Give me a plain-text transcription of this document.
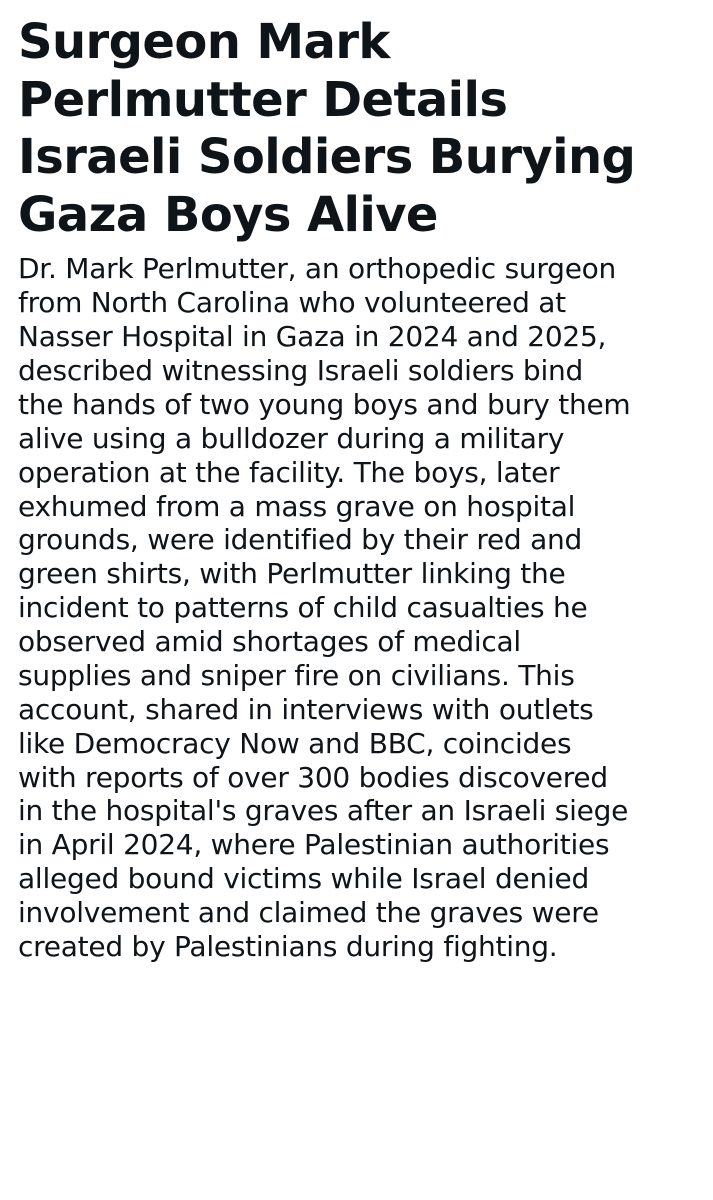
Surgeon Mark
Perlmutter Details
Israeli Soldiers Burying
Gaza Boys Alive
Dr. Mark Perlmutter, an orthopedic surgeon
from North Carolina who volunteered at
Nasser Hospital in Gaza in 2024 and 2025,
described witnessing Israeli soldiers bind
the hands of two young boys and bury them
alive using a bulldozer during a military
operation at the facility. The boys, later
exhumed from a mass grave on hospital
grounds, were identified by their red and
green shirts, with Perlmutter linking the
incident to patterns of child casualties he
observed amid shortages of medical
supplies and sniper fire on civilians. This
account, shared in interviews with outlets
like Democracy Now and BBC, coincides
with reports of over 300 bodies discovered
in the hospital's graves after an Israeli siege
in April 2024, where Palestinian authorities
alleged bound victims while Israel denied
involvement and claimed the graves were
created by Palestinians during fighting.
